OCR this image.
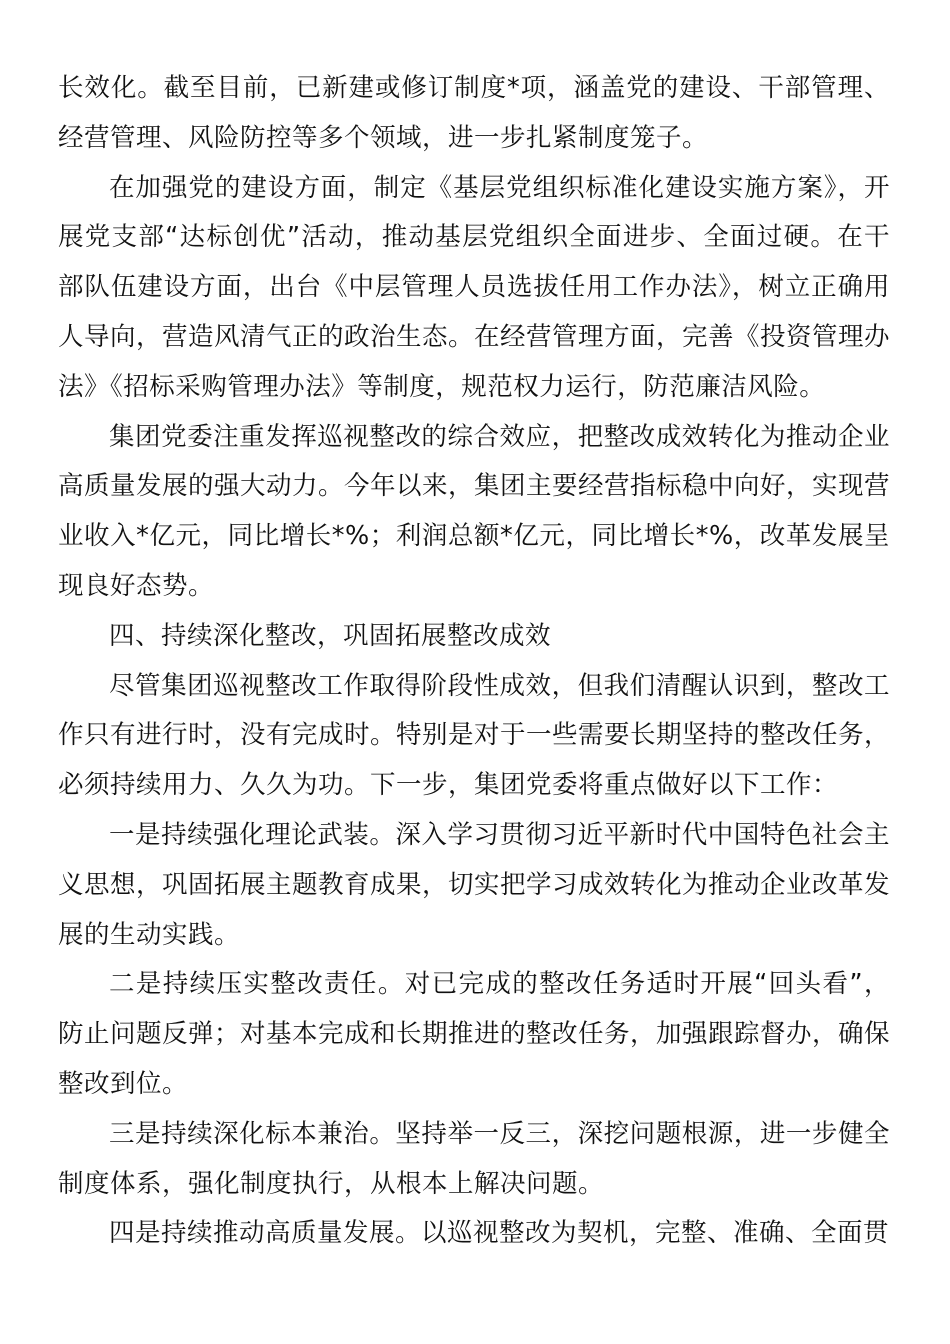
长效化。截至目前，已新建或修订制度*项，涵盖党的建设、干部管理、经营管理、风险防控等多个领域，进一步扎紧制度笼子。

在加强党的建设方面，制定《基层党组织标准化建设实施方案》，开展党支部“达标创优”活动，推动基层党组织全面进步、全面过硬。在干部队伍建设方面，出台《中层管理人员选拔任用工作办法》，树立正确用人导向，营造风清气正的政治生态。在经营管理方面，完善《投资管理办法》《招标采购管理办法》等制度，规范权力运行，防范廉洁风险。

集团党委注重发挥巡视整改的综合效应，把整改成效转化为推动企业高质量发展的强大动力。今年以来，集团主要经营指标稳中向好，实现营业收入*亿元，同比增长*%；利润总额*亿元，同比增长*%，改革发展呈现良好态势。

四、持续深化整改，巩固拓展整改成效

尽管集团巡视整改工作取得阶段性成效，但我们清醒认识到，整改工作只有进行时，没有完成时。特别是对于一些需要长期坚持的整改任务，必须持续用力、久久为功。下一步，集团党委将重点做好以下工作：

一是持续强化理论武装。深入学习贯彻习近平新时代中国特色社会主义思想，巩固拓展主题教育成果，切实把学习成效转化为推动企业改革发展的生动实践。

二是持续压实整改责任。对已完成的整改任务适时开展“回头看”，防止问题反弹；对基本完成和长期推进的整改任务，加强跟踪督办，确保整改到位。

三是持续深化标本兼治。坚持举一反三，深挖问题根源，进一步健全制度体系，强化制度执行，从根本上解决问题。

四是持续推动高质量发展。以巡视整改为契机，完整、准确、全面贯
